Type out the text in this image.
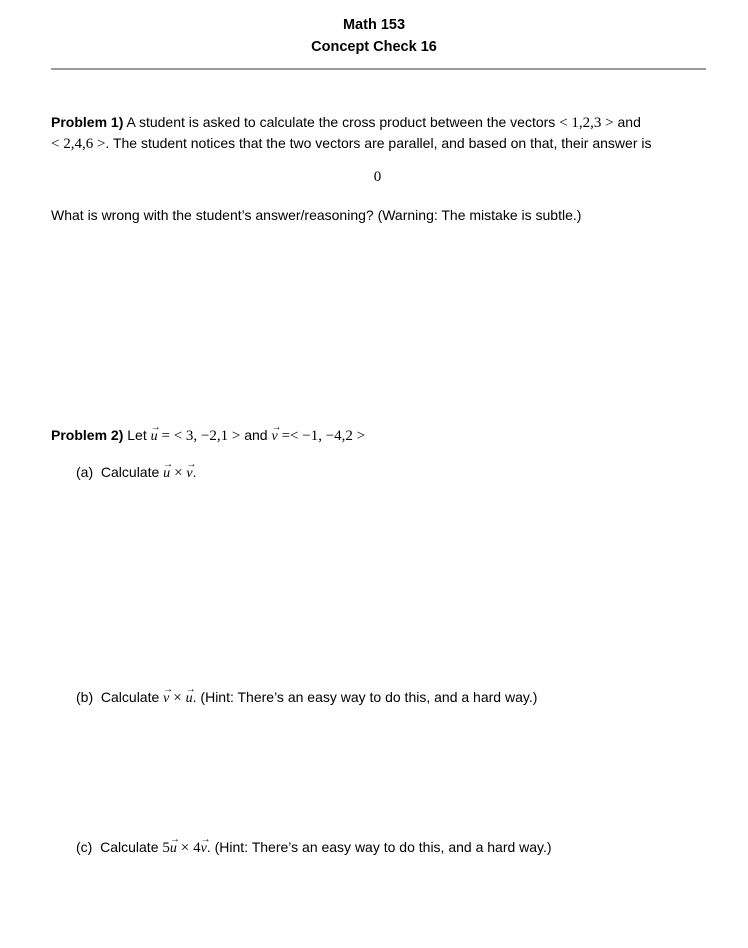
Math 153
Concept Check 16
Problem 1) A student is asked to calculate the cross product between the vectors < 1,2,3 > and
< 2,4,6 >. The student notices that the two vectors are parallel, and based on that, their answer is
0
What is wrong with the student’s answer/reasoning? (Warning: The mistake is subtle.)
Problem 2) Let → u = < 3, −2,1 > and → v =< −1, −4,2 >
(a) Calculate → u × → v.
(b) Calculate → v × → u. (Hint: There’s an easy way to do this, and a hard way.)
(c) Calculate 5→ u × 4→ v. (Hint: There’s an easy way to do this, and a hard way.)
